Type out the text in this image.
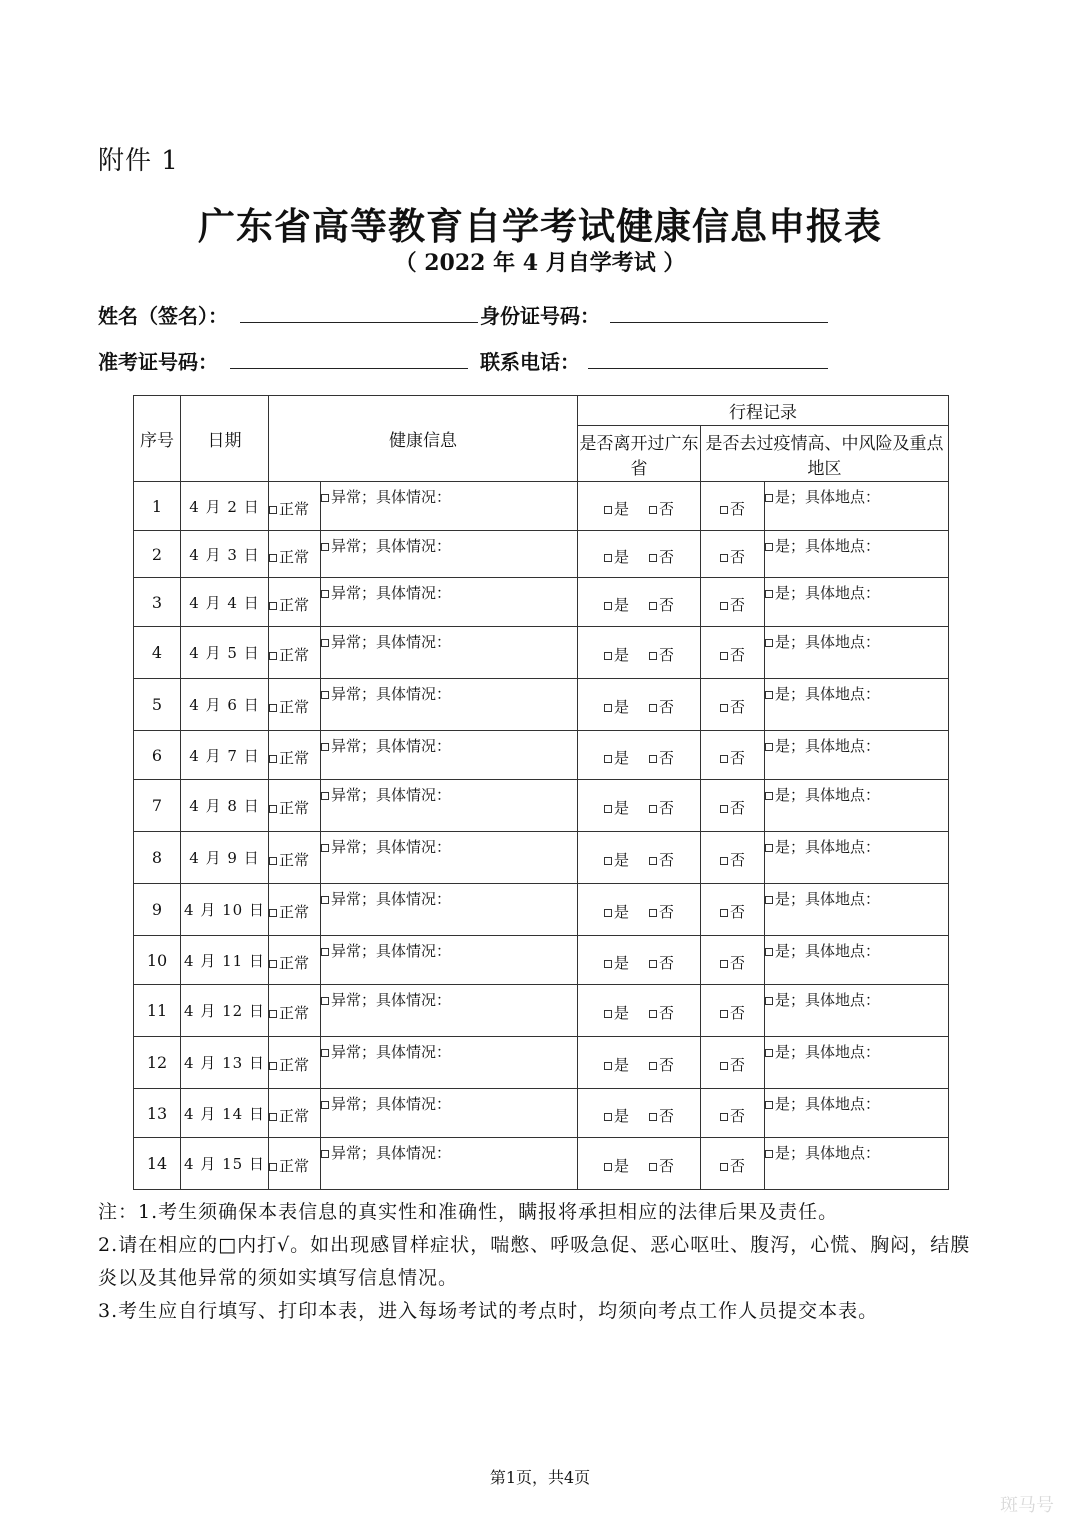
附件 1
广东省高等教育自学考试健康信息申报表
（ 2022 年 4 月自学考试 ）
姓名（签名）：	身份证号码：
准考证号码：	联系电话：
序号	日期	健康信息		行程记录		
				是否离开过广东省	是否去过疫情高、中风险及重点地区	
1	4 月 2 日	正常	异常；具体情况：	是 否	否	是；具体地点：
2	4 月 3 日	正常	异常；具体情况：	是 否	否	是；具体地点：
3	4 月 4 日	正常	异常；具体情况：	是 否	否	是；具体地点：
4	4 月 5 日	正常	异常；具体情况：	是 否	否	是；具体地点：
5	4 月 6 日	正常	异常；具体情况：	是 否	否	是；具体地点：
6	4 月 7 日	正常	异常；具体情况：	是 否	否	是；具体地点：
7	4 月 8 日	正常	异常；具体情况：	是 否	否	是；具体地点：
8	4 月 9 日	正常	异常；具体情况：	是 否	否	是；具体地点：
9	4 月 10 日	正常	异常；具体情况：	是 否	否	是；具体地点：
10	4 月 11 日	正常	异常；具体情况：	是 否	否	是；具体地点：
11	4 月 12 日	正常	异常；具体情况：	是 否	否	是；具体地点：
12	4 月 13 日	正常	异常；具体情况：	是 否	否	是；具体地点：
13	4 月 14 日	正常	异常；具体情况：	是 否	否	是；具体地点：
14	4 月 15 日	正常	异常；具体情况：	是 否	否	是；具体地点：
注：1.考生须确保本表信息的真实性和准确性，瞒报将承担相应的法律后果及责任。
2.请在相应的□内打√。如出现感冒样症状，喘憋、呼吸急促、恶心呕吐、腹泻，心慌、胸闷，结膜炎以及其他异常的须如实填写信息情况。
3.考生应自行填写、打印本表，进入每场考试的考点时，均须向考点工作人员提交本表。
第1页，共4页
斑马号
